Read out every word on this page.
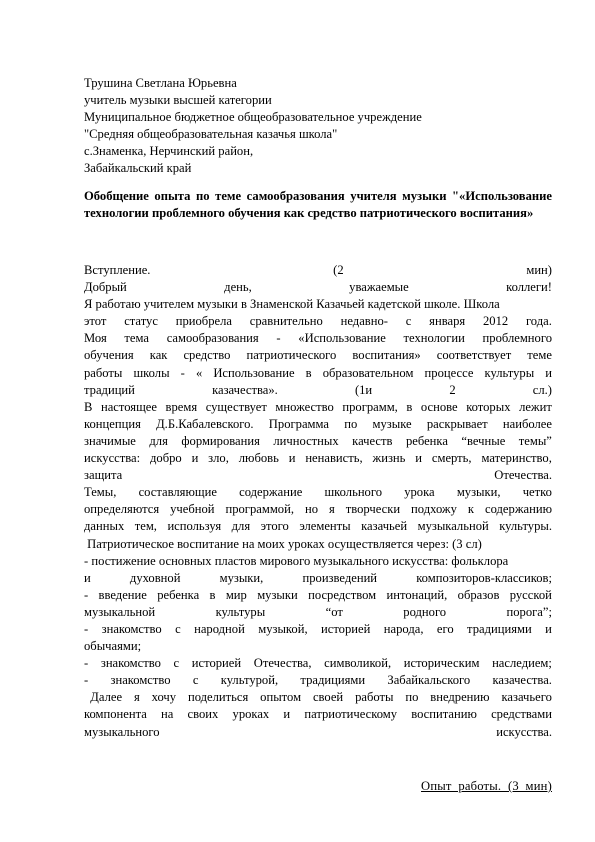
Трушина Светлана Юрьевна
учитель музыки высшей категории
Муниципальное бюджетное общеобразовательное учреждение
"Средняя общеобразовательная казачья школа"
с.Знаменка, Нерчинский район,
Забайкальский край
Обобщение опыта по теме самообразования учителя музыки "«Использование технологии проблемного обучения как средство патриотического воспитания»
Вступление.	(2	мин)
Добрый	день,	уважаемые	коллеги!
Я работаю учителем музыки в Знаменской Казачьей кадетской школе. Школа
этот статус приобрела сравнительно недавно- с января 2012 года.
Моя тема самообразования - «Использование технологии проблемного
обучения как средство патриотического воспитания» соответствует теме
работы школы - « Использование в образовательном процессе культуры и
традиций	казачества».	(1и	2	сл.)
В настоящее время существует множество программ, в основе которых лежит
концепция Д.Б.Кабалевского. Программа по музыке раскрывает наиболее
значимые для формирования личностных качеств ребенка “вечные темы”
искусства: добро и зло, любовь и ненависть, жизнь и смерть, материнство,
защита	Отечества.
Темы, составляющие содержание школьного урока музыки, четко
определяются учебной программой, но я творчески подхожу к содержанию
данных тем, используя для этого элементы казачьей музыкальной культуры.
Патриотическое воспитание на моих уроках осуществляется через: (3 сл)
- постижение основных пластов мирового музыкального искусства: фольклора
и	духовной	музыки,	произведений	композиторов-классиков;
- введение ребенка в мир музыки посредством интонаций, образов русской
музыкальной	культуры	“от	родного	порога”;
- знакомство с народной музыкой, историей народа, его традициями и
обычаями;
- знакомство с историей Отечества, символикой, историческим наследием;
- знакомство с культурой, традициями Забайкальского казачества.
Далее я хочу поделиться опытом своей работы по внедрению казачьего
компонента на своих уроках и патриотическому воспитанию средствами
музыкального	искусства.
Опыт  работы.  (3  мин)
